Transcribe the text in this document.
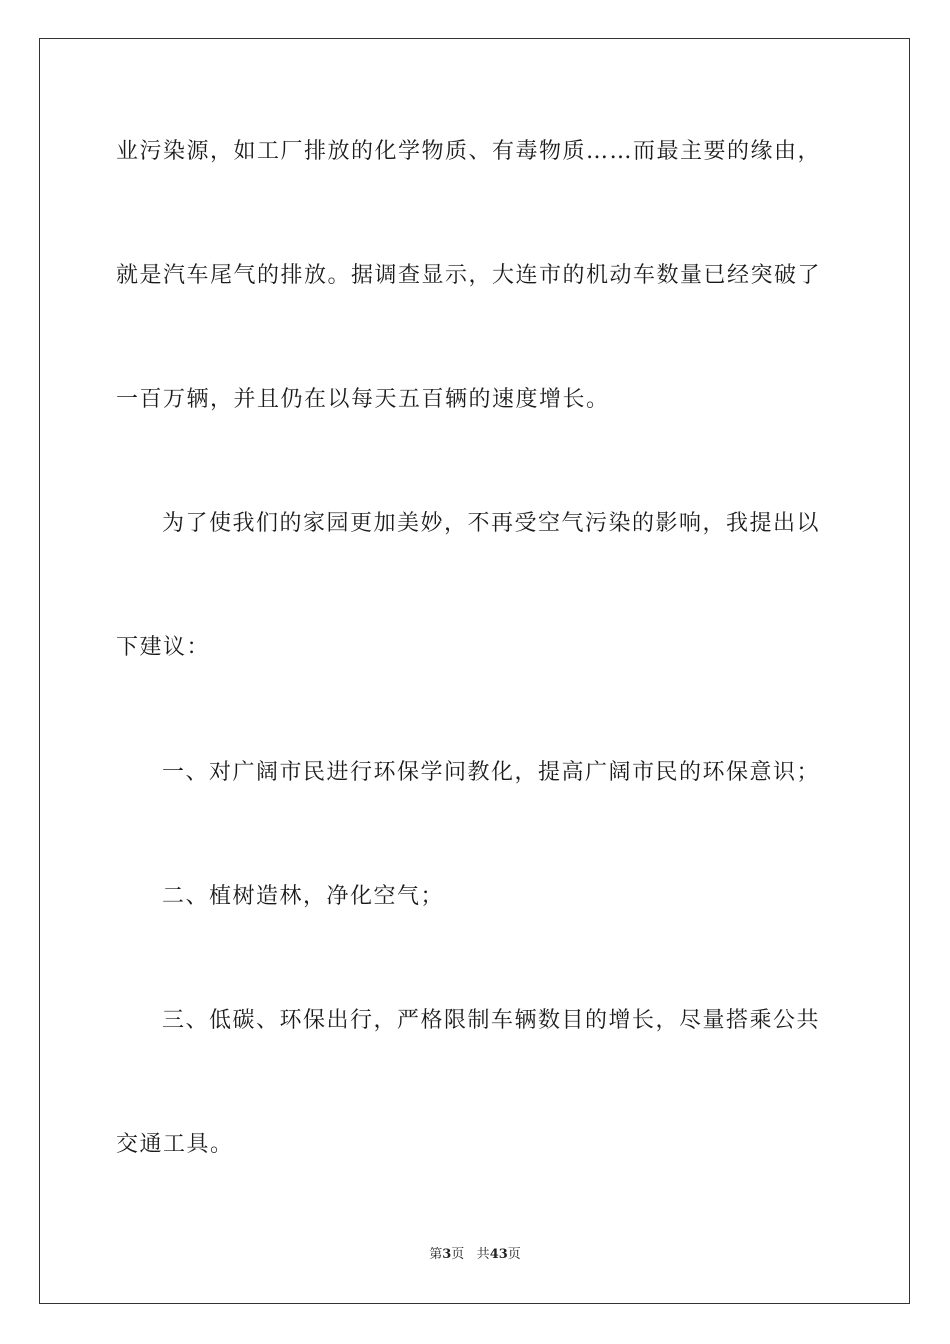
业污染源，如工厂排放的化学物质、有毒物质……而最主要的缘由，
就是汽车尾气的排放。据调查显示，大连市的机动车数量已经突破了
一百万辆，并且仍在以每天五百辆的速度增长。
为了使我们的家园更加美妙，不再受空气污染的影响，我提出以
下建议：
一、对广阔市民进行环保学问教化，提高广阔市民的环保意识；
二、植树造林，净化空气；
三、低碳、环保出行，严格限制车辆数目的增长，尽量搭乘公共
交通工具。
第3页 共43页
